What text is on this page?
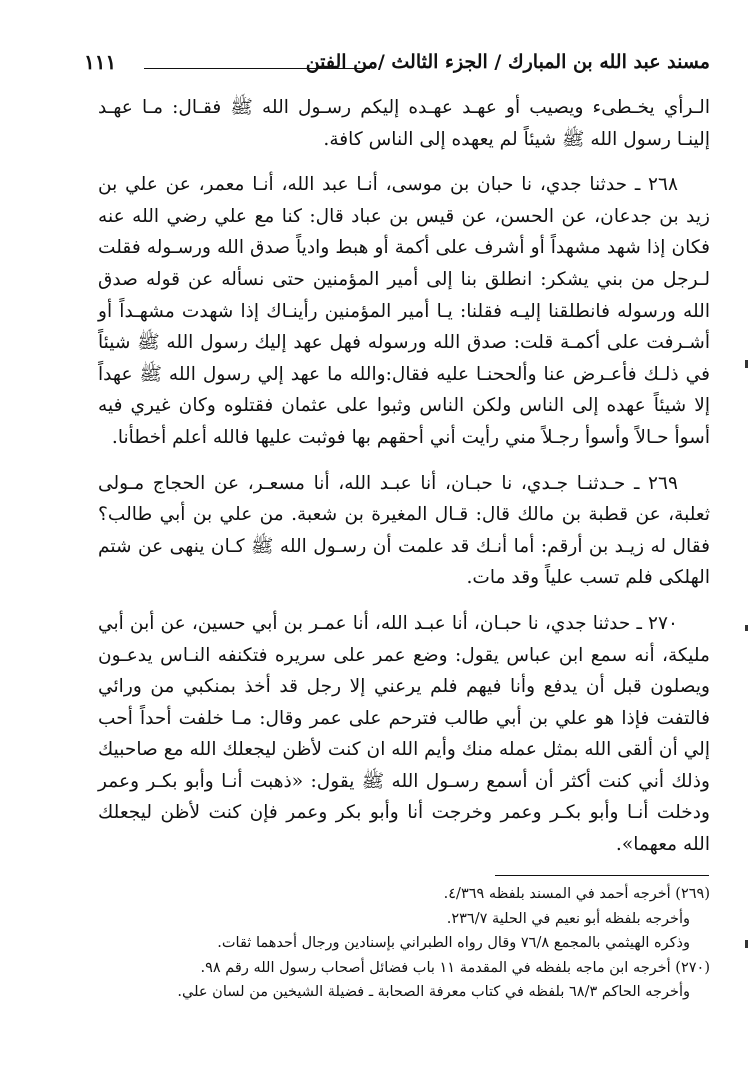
مسند عبد الله بن المبارك / الجزء الثالث /من الفتن
١١١

الـرأي يخـطىء ويصيب أو عهـد عهـده إليكم رسـول الله ﷺ فقـال: مـا عهـد إلينـا رسول الله ﷺ شيئاً لم يعهده إلى الناس كافة.

٢٦٨ ـ حدثنا جدي، نا حبان بن موسى، أنـا عبد الله، أنـا معمر، عن علي بن زيد بن جدعان، عن الحسن، عن قيس بن عباد قال: كنا مع علي رضي الله عنه فكان إذا شهد مشهداً أو أشرف على أكمة أو هبط وادياً صدق الله ورسـوله فقلت لـرجل من بني يشكر: انطلق بنا إلى أمير المؤمنين حتى نسأله عن قوله صدق الله ورسوله فانطلقنا إليـه فقلنا: يـا أمير المؤمنين رأينـاك إذا شهدت مشهـداً أو أشـرفت على أكمـة قلت: صدق الله ورسوله فهل عهد إليك رسول الله ﷺ شيئاً في ذلـك فأعـرض عنا وألححنـا عليه فقال:والله ما عهد إلي رسول الله ﷺ عهداً إلا شيئاً عهده إلى الناس ولكن الناس وثبوا على عثمان فقتلوه وكان غيري فيه أسوأ حـالاً وأسوأ رجـلاً مني رأيت أني أحقهم بها فوثبت عليها فالله أعلم أخطأنا.

٢٦٩ ـ حـدثنـا جـدي، نا حبـان، أنا عبـد الله، أنا مسعـر، عن الحجاج مـولى ثعلبة، عن قطبة بن مالك قال: قـال المغيرة بن شعبة. من علي بن أبي طالب؟ فقال له زيـد بن أرقم: أما أنـك قد علمت أن رسـول الله ﷺ كـان ينهى عن شتم الهلكى فلم تسب علياً وقد مات.

٢٧٠ ـ حدثنا جدي، نا حبـان، أنا عبـد الله، أنا عمـر بن أبي حسين، عن أبن أبي مليكة، أنه سمع ابن عباس يقول: وضع عمر على سريره فتكنفه النـاس يدعـون ويصلون قبل أن يدفع وأنا فيهم فلم يرعني إلا رجل قد أخذ بمنكبي من ورائي فالتفت فإذا هو علي بن أبي طالب فترحم على عمر وقال: مـا خلفت أحداً أحب إلي أن ألقى الله بمثل عمله منك وأيم الله ان كنت لأظن ليجعلك الله مع صاحبيك وذلك أني كنت أكثر أن أسمع رسـول الله ﷺ يقول: «ذهبت أنـا وأبو بكـر وعمر ودخلت أنـا وأبو بكـر وعمر وخرجت أنا وأبو بكر وعمر فإن كنت لأظن ليجعلك الله معهما».

(٢٦٩) أخرجه أحمد في المسند بلفظه ٤/٣٦٩.

وأخرجه بلفظه أبو نعيم في الحلية ٢٣٦/٧.

وذكره الهيثمي بالمجمع ٧٦/٨ وقال رواه الطبراني بإسنادين ورجال أحدهما ثقات.

(٢٧٠) أخرجه ابن ماجه بلفظه في المقدمة ١١ باب فضائل أصحاب رسول الله رقم ٩٨.

وأخرجه الحاكم ٦٨/٣ بلفظه في كتاب معرفة الصحابة ـ فضيلة الشيخين من لسان علي.
